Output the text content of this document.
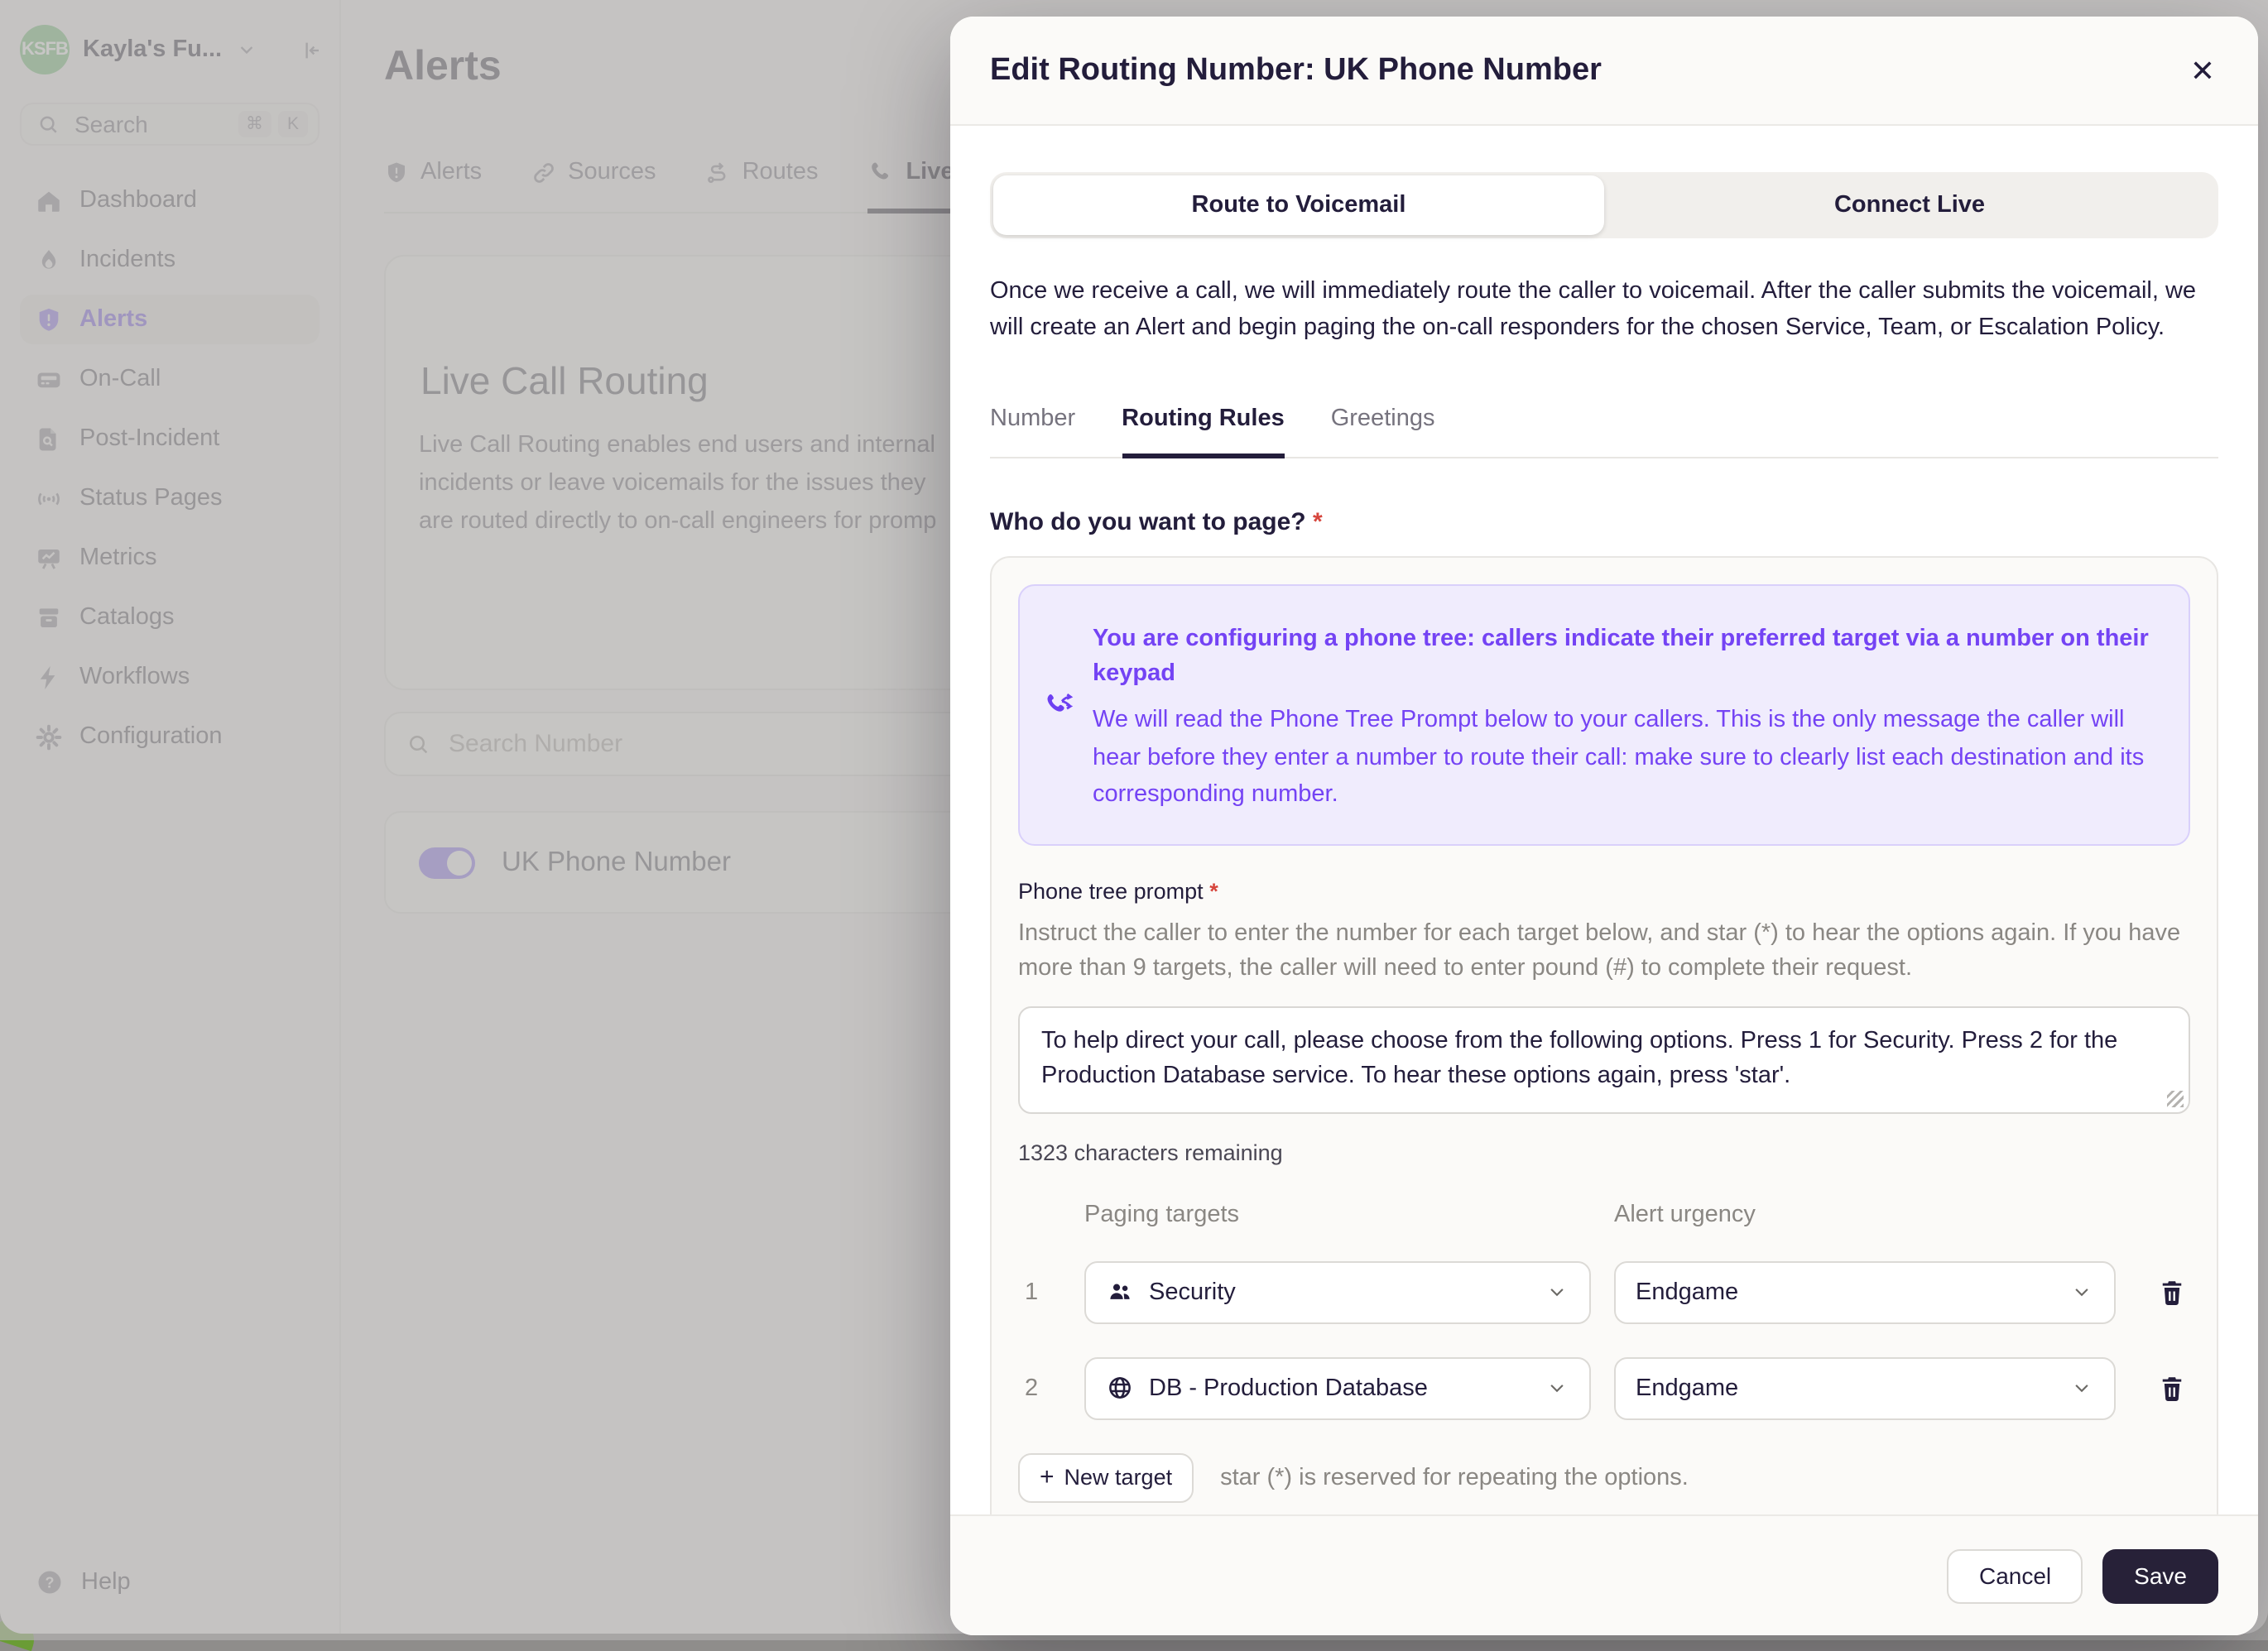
Edit Routing Number: UK Phone Number	✕
Route to Voicemail	Connect Live
Once we receive a call, we will immediately route the caller to voicemail. After the caller submits the voicemail, we will create an Alert and begin paging the on-call responders for the chosen Service, Team, or Escalation Policy.
Number	Routing Rules	Greetings
Who do you want to page? *
You are configuring a phone tree: callers indicate their preferred target via a number on their keypad
We will read the Phone Tree Prompt below to your callers. This is the only message the caller will hear before they enter a number to route their call: make sure to clearly list each destination and its corresponding number.
Phone tree prompt *
Instruct the caller to enter the number for each target below, and star (*) to hear the options again. If you have more than 9 targets, the caller will need to enter pound (#) to complete their request.
To help direct your call, please choose from the following options. Press 1 for Security. Press 2 for the Production Database service. To hear these options again, press 'star'.
1323 characters remaining
Paging targets	Alert urgency
1	Security	Endgame
2	DB - Production Database	Endgame
+ New target	star (*) is reserved for repeating the options.
Cancel	Save
